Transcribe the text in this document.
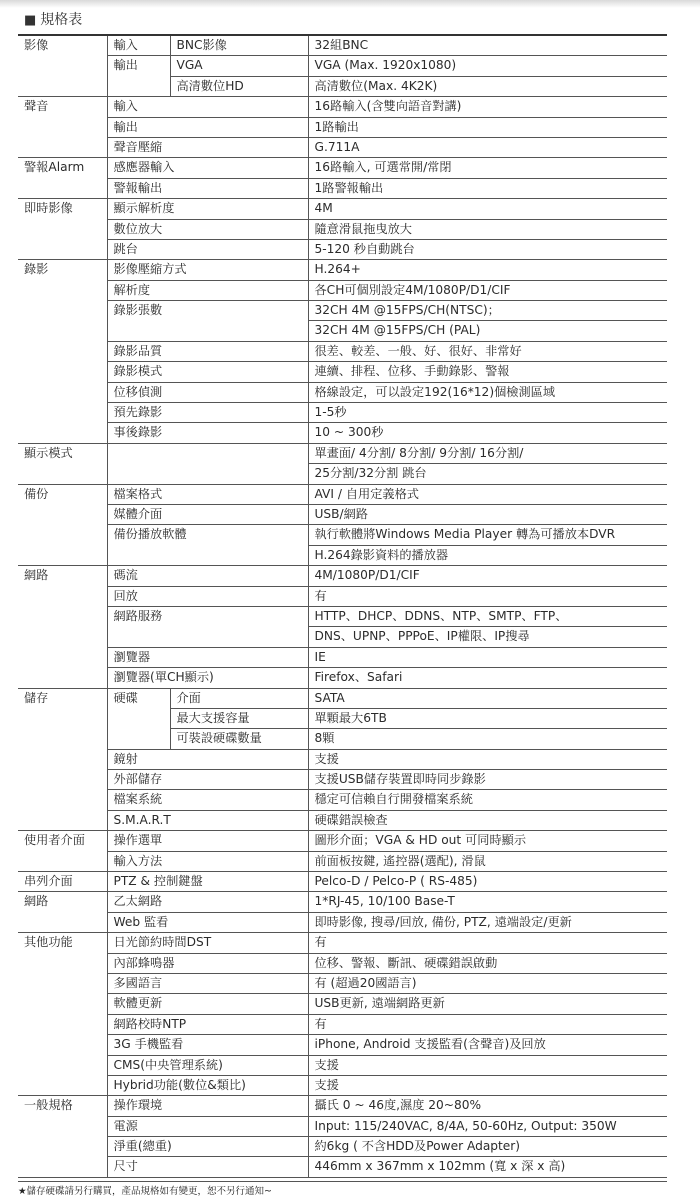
■ 規格表
影像	輸入	BNC影像	32組BNC
	輸出	VGA	VGA (Max. 1920x1080)
		高清數位HD	高清數位(Max. 4K2K)
聲音	輸入		16路輸入(含雙向語音對講)
	輸出		1路輸出
	聲音壓縮		G.711A
警報Alarm	感應器輸入		16路輸入, 可選常開/常閉
	警報輸出		1路警報輸出
即時影像	顯示解析度		4M
	數位放大		隨意滑鼠拖曳放大
	跳台		5-120 秒自動跳台
錄影	影像壓縮方式		H.264+
	解析度		各CH可個別設定4M/1080P/D1/CIF
	錄影張數		32CH 4M @15FPS/CH(NTSC)；
			32CH 4M @15FPS/CH (PAL)
	錄影品質		很差、較差、一般、好、很好、非常好
	錄影模式		連續、排程、位移、手動錄影、警報
	位移偵測		格線設定，可以設定192(16*12)個檢測區域
	預先錄影		1-5秒
	事後錄影		10 ~ 300秒
顯示模式			單畫面/ 4分割/ 8分割/ 9分割/ 16分割/
			25分割/32分割 跳台
備份	檔案格式		AVI / 自用定義格式
	媒體介面		USB/網路
	備份播放軟體		執行軟體將Windows Media Player 轉為可播放本DVR
			H.264錄影資料的播放器
網路	碼流		4M/1080P/D1/CIF
	回放		有
	網路服務		HTTP、DHCP、DDNS、NTP、SMTP、FTP、
			DNS、UPNP、PPPoE、IP權限、IP搜尋
	瀏覽器		IE
	瀏覽器(單CH顯示)		Firefox、Safari
儲存	硬碟	介面	SATA
		最大支援容量	單顆最大6TB
		可裝設硬碟數量	8顆
	鏡射		支援
	外部儲存		支援USB儲存裝置即時同步錄影
	檔案系統		穩定可信賴自行開發檔案系統
	S.M.A.R.T		硬碟錯誤檢查
使用者介面	操作選單		圖形介面；VGA & HD out 可同時顯示
	輸入方法		前面板按鍵, 遙控器(選配), 滑鼠
串列介面	PTZ & 控制鍵盤		Pelco-D / Pelco-P ( RS-485)
網路	乙太網路		1*RJ-45, 10/100 Base-T
	Web 監看		即時影像, 搜尋/回放, 備份, PTZ, 遠端設定/更新
其他功能	日光節約時間DST		有
	內部蜂鳴器		位移、警報、斷訊、硬碟錯誤啟動
	多國語言		有 (超過20國語言)
	軟體更新		USB更新, 遠端網路更新
	網路校時NTP		有
	3G 手機監看		iPhone, Android 支援監看(含聲音)及回放
	CMS(中央管理系統)		支援
	Hybrid功能(數位&類比)		支援
一般規格	操作環境		攝氏 0 ~ 46度,濕度 20~80%
	電源		Input: 115/240VAC, 8/4A, 50-60Hz, Output: 350W
	淨重(總重)		約6kg ( 不含HDD及Power Adapter)
	尺寸		446mm x 367mm x 102mm (寬 x 深 x 高)
★儲存硬碟請另行購買，產品規格如有變更，恕不另行通知~
